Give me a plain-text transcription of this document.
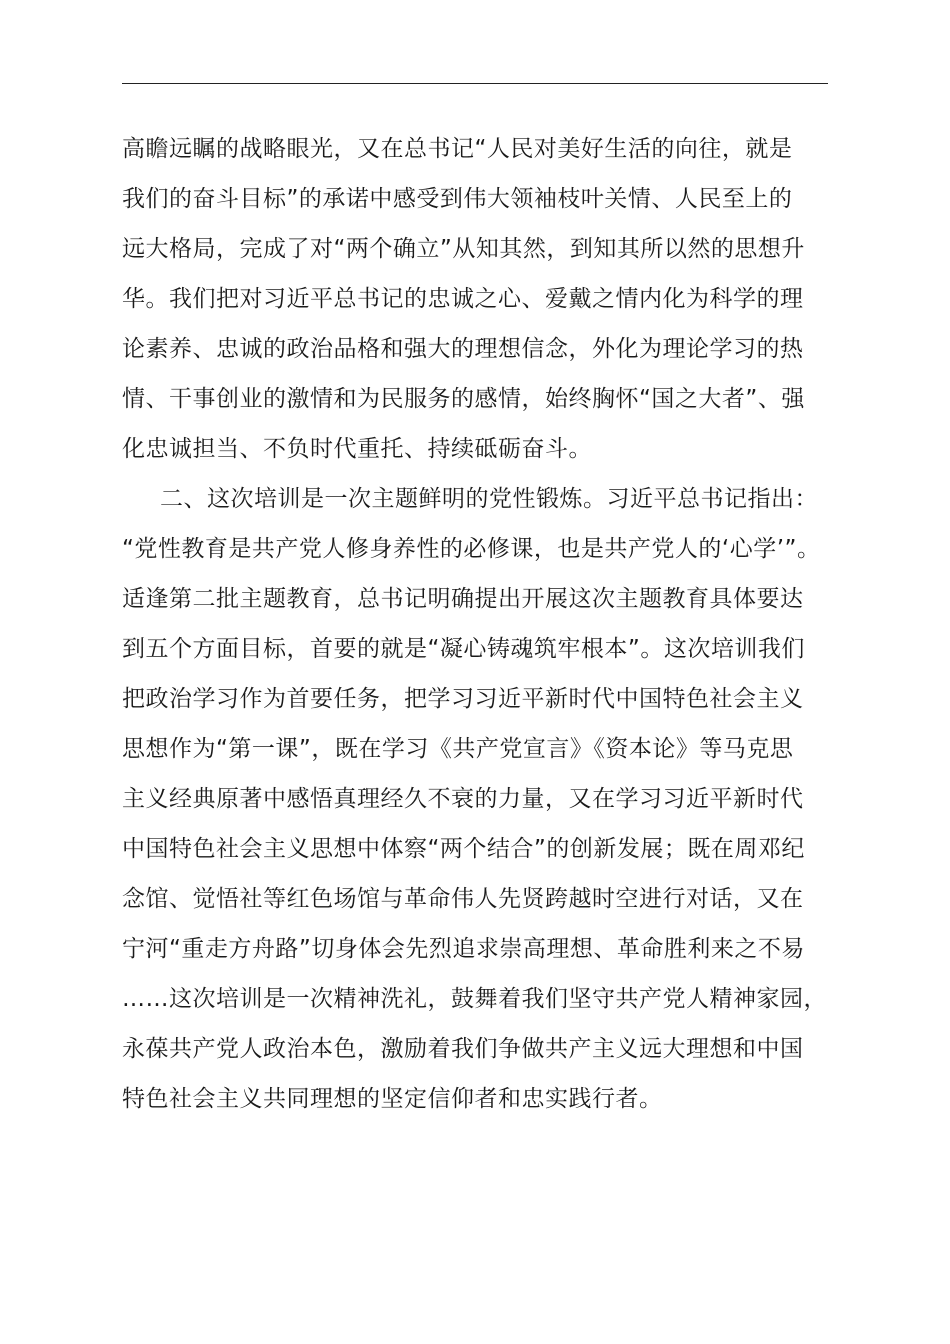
高瞻远瞩的战略眼光，又在总书记“人民对美好生活的向往，就是
我们的奋斗目标”的承诺中感受到伟大领袖枝叶关情、人民至上的
远大格局，完成了对“两个确立”从知其然，到知其所以然的思想升
华。我们把对习近平总书记的忠诚之心、爱戴之情内化为科学的理
论素养、忠诚的政治品格和强大的理想信念，外化为理论学习的热
情、干事创业的激情和为民服务的感情，始终胸怀“国之大者”、强
化忠诚担当、不负时代重托、持续砥砺奋斗。
二、这次培训是一次主题鲜明的党性锻炼。习近平总书记指出：
“党性教育是共产党人修身养性的必修课，也是共产党人的‘心学’”。
适逢第二批主题教育，总书记明确提出开展这次主题教育具体要达
到五个方面目标，首要的就是“凝心铸魂筑牢根本”。这次培训我们
把政治学习作为首要任务，把学习习近平新时代中国特色社会主义
思想作为“第一课”，既在学习《共产党宣言》《资本论》等马克思
主义经典原著中感悟真理经久不衰的力量，又在学习习近平新时代
中国特色社会主义思想中体察“两个结合”的创新发展；既在周邓纪
念馆、觉悟社等红色场馆与革命伟人先贤跨越时空进行对话，又在
宁河“重走方舟路”切身体会先烈追求崇高理想、革命胜利来之不易
……这次培训是一次精神洗礼，鼓舞着我们坚守共产党人精神家园，
永葆共产党人政治本色，激励着我们争做共产主义远大理想和中国
特色社会主义共同理想的坚定信仰者和忠实践行者。
